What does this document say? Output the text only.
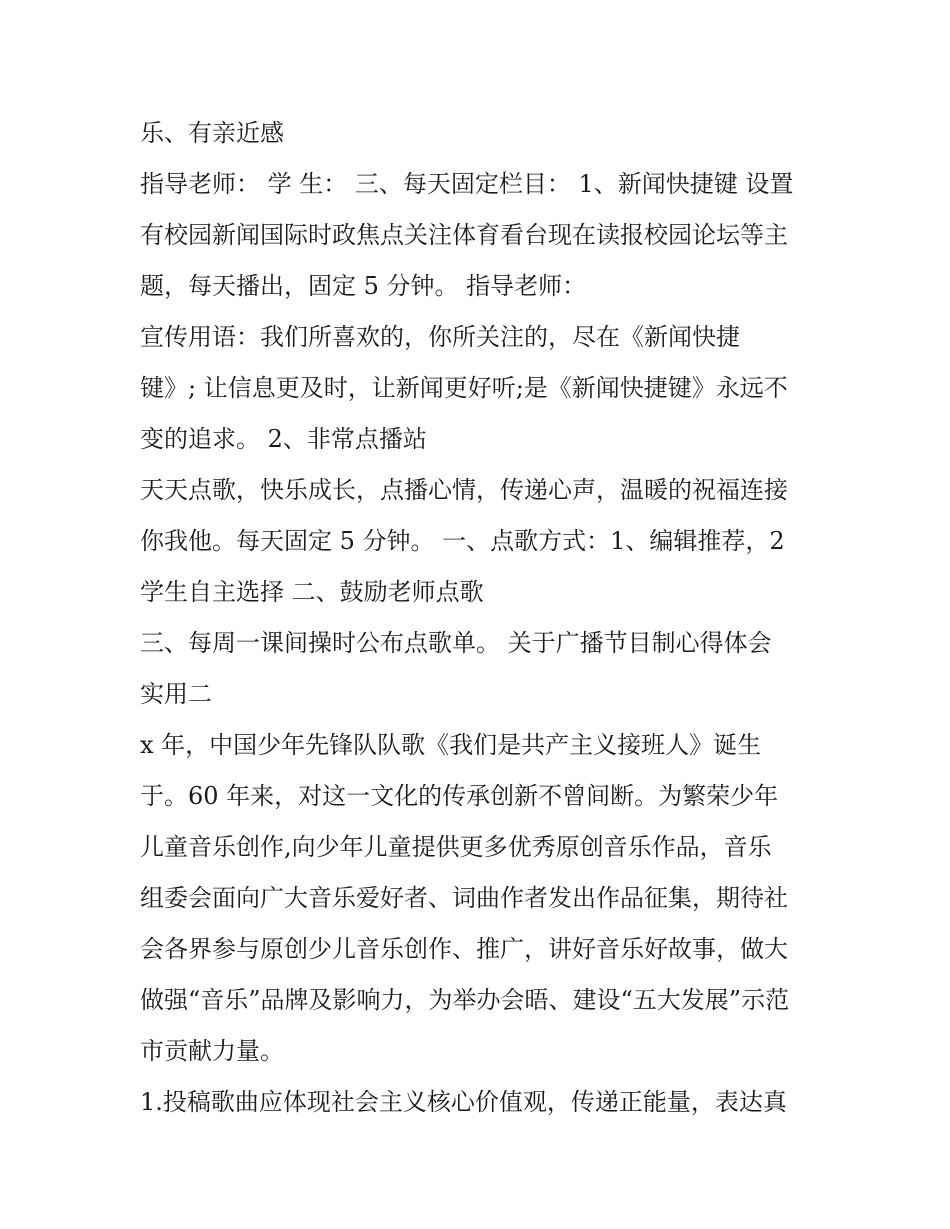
乐、有亲近感
指导老师： 学 生： 三、每天固定栏目： 1、新闻快捷键 设置
有校园新闻国际时政焦点关注体育看台现在读报校园论坛等主
题，每天播出，固定 5 分钟。 指导老师：
宣传用语：我们所喜欢的，你所关注的，尽在《新闻快捷
键》; 让信息更及时，让新闻更好听;是《新闻快捷键》永远不
变的追求。 2、非常点播站
天天点歌，快乐成长，点播心情，传递心声，温暖的祝福连接
你我他。每天固定 5 分钟。 一、点歌方式：1、编辑推荐，2
学生自主选择 二、鼓励老师点歌
三、每周一课间操时公布点歌单。 关于广播节目制心得体会
实用二
x 年，中国少年先锋队队歌《我们是共产主义接班人》诞生
于。60 年来，对这一文化的传承创新不曾间断。为繁荣少年
儿童音乐创作,向少年儿童提供更多优秀原创音乐作品，音乐
组委会面向广大音乐爱好者、词曲作者发出作品征集，期待社
会各界参与原创少儿音乐创作、推广，讲好音乐好故事，做大
做强“音乐”品牌及影响力，为举办会晤、建设“五大发展”示范
市贡献力量。
1.投稿歌曲应体现社会主义核心价值观，传递正能量，表达真
